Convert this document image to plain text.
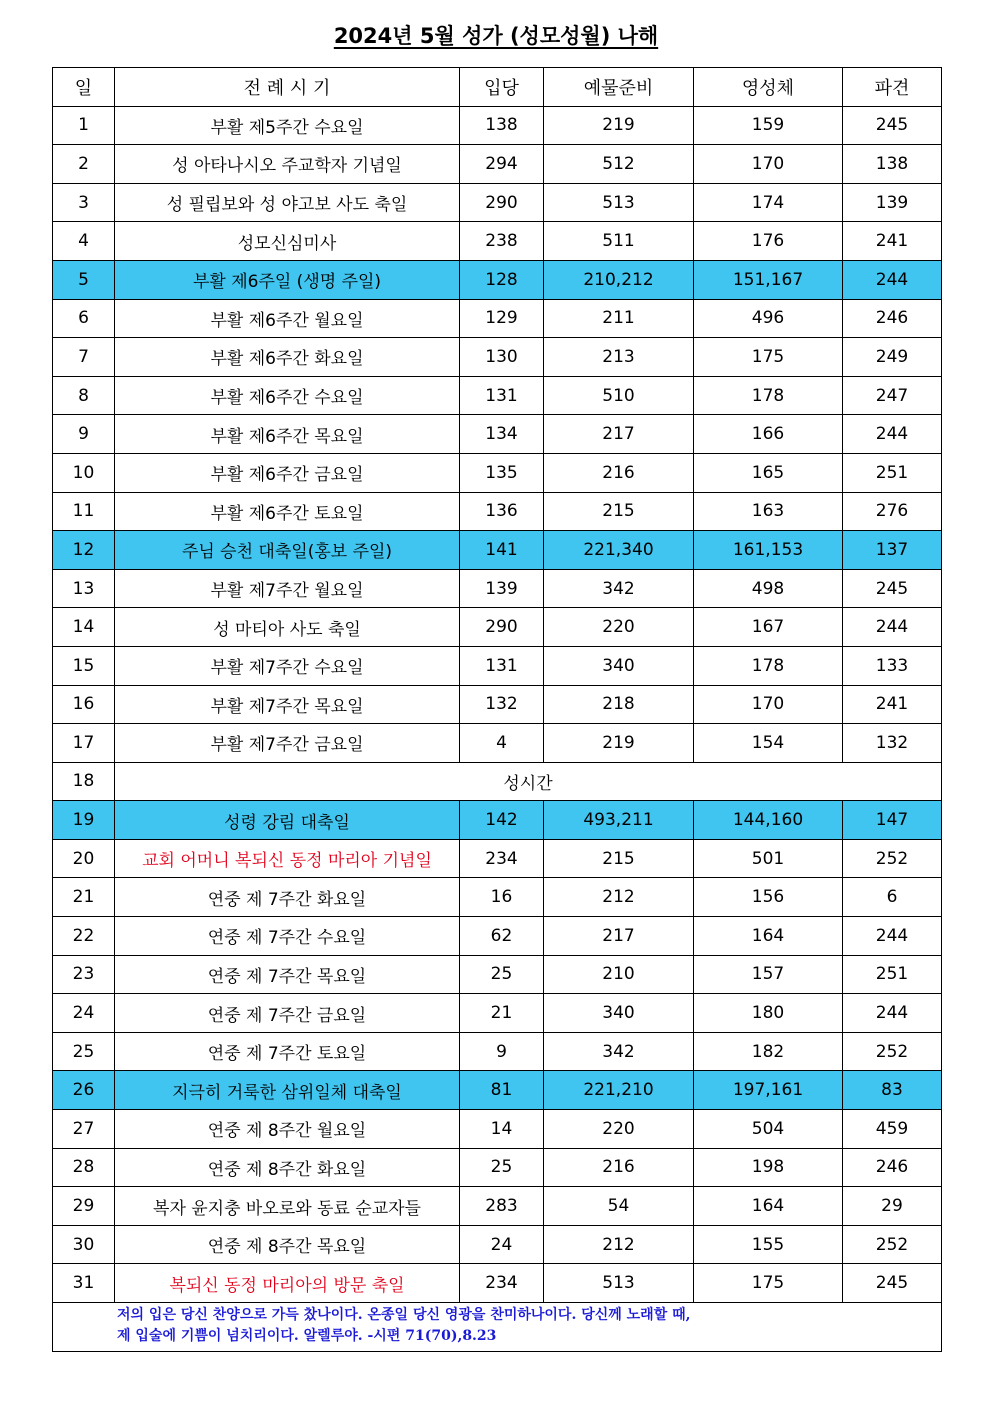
2024년 5월 성가 (성모성월) 나해
일	전 례 시 기	입당	예물준비	영성체	파견
1	부활 제5주간 수요일	138	219	159	245
2	성 아타나시오 주교학자 기념일	294	512	170	138
3	성 필립보와 성 야고보 사도 축일	290	513	174	139
4	성모신심미사	238	511	176	241
5	부활 제6주일 (생명 주일)	128	210,212	151,167	244
6	부활 제6주간 월요일	129	211	496	246
7	부활 제6주간 화요일	130	213	175	249
8	부활 제6주간 수요일	131	510	178	247
9	부활 제6주간 목요일	134	217	166	244
10	부활 제6주간 금요일	135	216	165	251
11	부활 제6주간 토요일	136	215	163	276
12	주님 승천 대축일(홍보 주일)	141	221,340	161,153	137
13	부활 제7주간 월요일	139	342	498	245
14	성 마티아 사도 축일	290	220	167	244
15	부활 제7주간 수요일	131	340	178	133
16	부활 제7주간 목요일	132	218	170	241
17	부활 제7주간 금요일	4	219	154	132
18	성시간				
19	성령 강림 대축일	142	493,211	144,160	147
20	교회 어머니 복되신 동정 마리아 기념일	234	215	501	252
21	연중 제 7주간 화요일	16	212	156	6
22	연중 제 7주간 수요일	62	217	164	244
23	연중 제 7주간 목요일	25	210	157	251
24	연중 제 7주간 금요일	21	340	180	244
25	연중 제 7주간 토요일	9	342	182	252
26	지극히 거룩한 삼위일체 대축일	81	221,210	197,161	83
27	연중 제 8주간 월요일	14	220	504	459
28	연중 제 8주간 화요일	25	216	198	246
29	복자 윤지충 바오로와 동료 순교자들	283	54	164	29
30	연중 제 8주간 목요일	24	212	155	252
31	복되신 동정 마리아의 방문 축일	234	513	175	245

저의 입은 당신 찬양으로 가득 찼나이다. 온종일 당신 영광을 찬미하나이다. 당신께 노래할 때,
제 입술에 기쁨이 넘치리이다. 알렐루야. -시편 71(70),8.23					
